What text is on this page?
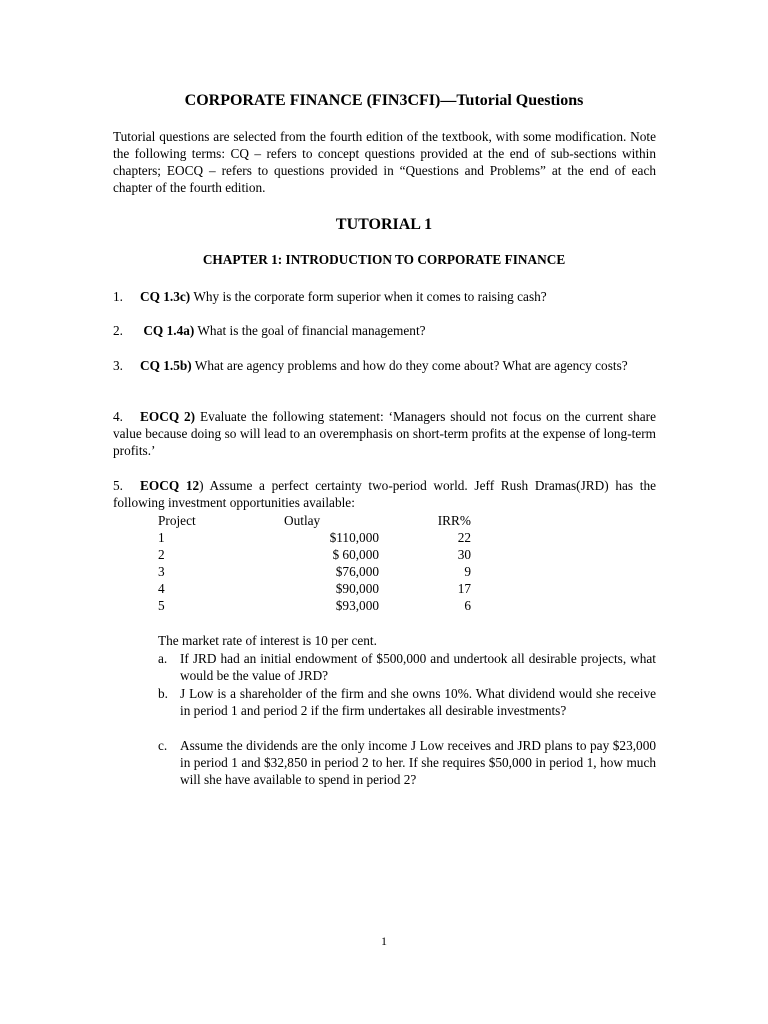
CORPORATE FINANCE (FIN3CFI)—Tutorial Questions
Tutorial questions are selected from the fourth edition of the textbook, with some modification. Note the following terms: CQ – refers to concept questions provided at the end of sub-sections within chapters; EOCQ – refers to questions provided in “Questions and Problems” at the end of each chapter of the fourth edition.
TUTORIAL 1
CHAPTER 1: INTRODUCTION TO CORPORATE FINANCE
1. CQ 1.3c) Why is the corporate form superior when it comes to raising cash?
2. CQ 1.4a) What is the goal of financial management?
3. CQ 1.5b) What are agency problems and how do they come about? What are agency costs?
4. EOCQ 2) Evaluate the following statement: ‘Managers should not focus on the current share value because doing so will lead to an overemphasis on short-term profits at the expense of long-term profits.’
5. EOCQ 12) Assume a perfect certainty two-period world. Jeff Rush Dramas(JRD) has the following investment opportunities available:
Project	Outlay	IRR%
1	$110,000	22
2	$ 60,000	30
3	$76,000	9
4	$90,000	17
5	$93,000	6
The market rate of interest is 10 per cent.
a. If JRD had an initial endowment of $500,000 and undertook all desirable projects, what would be the value of JRD?
b. J Low is a shareholder of the firm and she owns 10%. What dividend would she receive in period 1 and period 2 if the firm undertakes all desirable investments?
c. Assume the dividends are the only income J Low receives and JRD plans to pay $23,000 in period 1 and $32,850 in period 2 to her. If she requires $50,000 in period 1, how much will she have available to spend in period 2?
1
